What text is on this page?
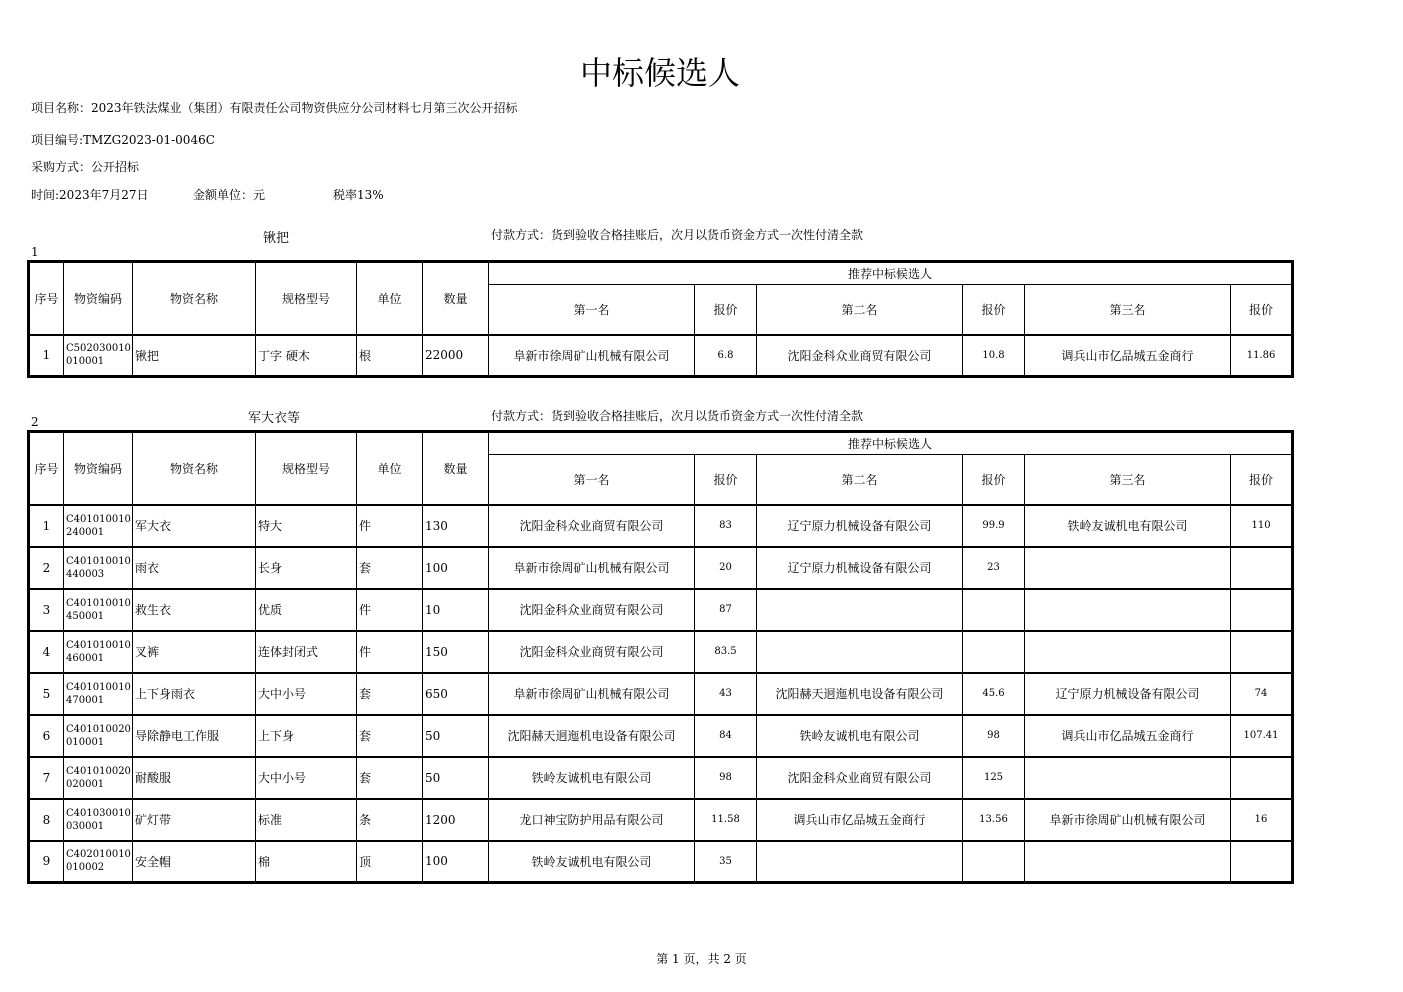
中标候选人
项目名称：2023年铁法煤业（集团）有限责任公司物资供应分公司材料七月第三次公开招标
项目编号:TMZG2023-01-0046C
采购方式：公开招标
时间:2023年7月27日	金额单位：元	税率13%
1
锹把	付款方式：货到验收合格挂账后，次月以货币资金方式一次性付清全款
序号	物资编码	物资名称	规格型号	单位	数量	推荐中标候选人					
						第一名	报价	第二名	报价	第三名	报价
1	C502030010010001	锹把	丁字 硬木	根	22000	阜新市徐周矿山机械有限公司	6.8	沈阳金科众业商贸有限公司	10.8	调兵山市亿品城五金商行	11.86
2	军大衣等	付款方式：货到验收合格挂账后，次月以货币资金方式一次性付清全款
序号	物资编码	物资名称	规格型号	单位	数量	推荐中标候选人					
						第一名	报价	第二名	报价	第三名	报价
1	C401010010240001	军大衣	特大	件	130	沈阳金科众业商贸有限公司	83	辽宁原力机械设备有限公司	99.9	铁岭友诚机电有限公司	110
2	C401010010440003	雨衣	长身	套	100	阜新市徐周矿山机械有限公司	20	辽宁原力机械设备有限公司	23		
3	C401010010450001	救生衣	优质	件	10	沈阳金科众业商贸有限公司	87				
4	C401010010460001	叉裤	连体封闭式	件	150	沈阳金科众业商贸有限公司	83.5				
5	C401010010470001	上下身雨衣	大中小号	套	650	阜新市徐周矿山机械有限公司	43	沈阳赫天迥迤机电设备有限公司	45.6	辽宁原力机械设备有限公司	74
6	C401010020010001	导除静电工作服	上下身	套	50	沈阳赫天迥迤机电设备有限公司	84	铁岭友诚机电有限公司	98	调兵山市亿品城五金商行	107.41
7	C401010020020001	耐酸服	大中小号	套	50	铁岭友诚机电有限公司	98	沈阳金科众业商贸有限公司	125		
8	C401030010030001	矿灯带	标准	条	1200	龙口神宝防护用品有限公司	11.58	调兵山市亿品城五金商行	13.56	阜新市徐周矿山机械有限公司	16
9	C402010010010002	安全帽	棉	顶	100	铁岭友诚机电有限公司	35				
第 1 页，共 2 页
